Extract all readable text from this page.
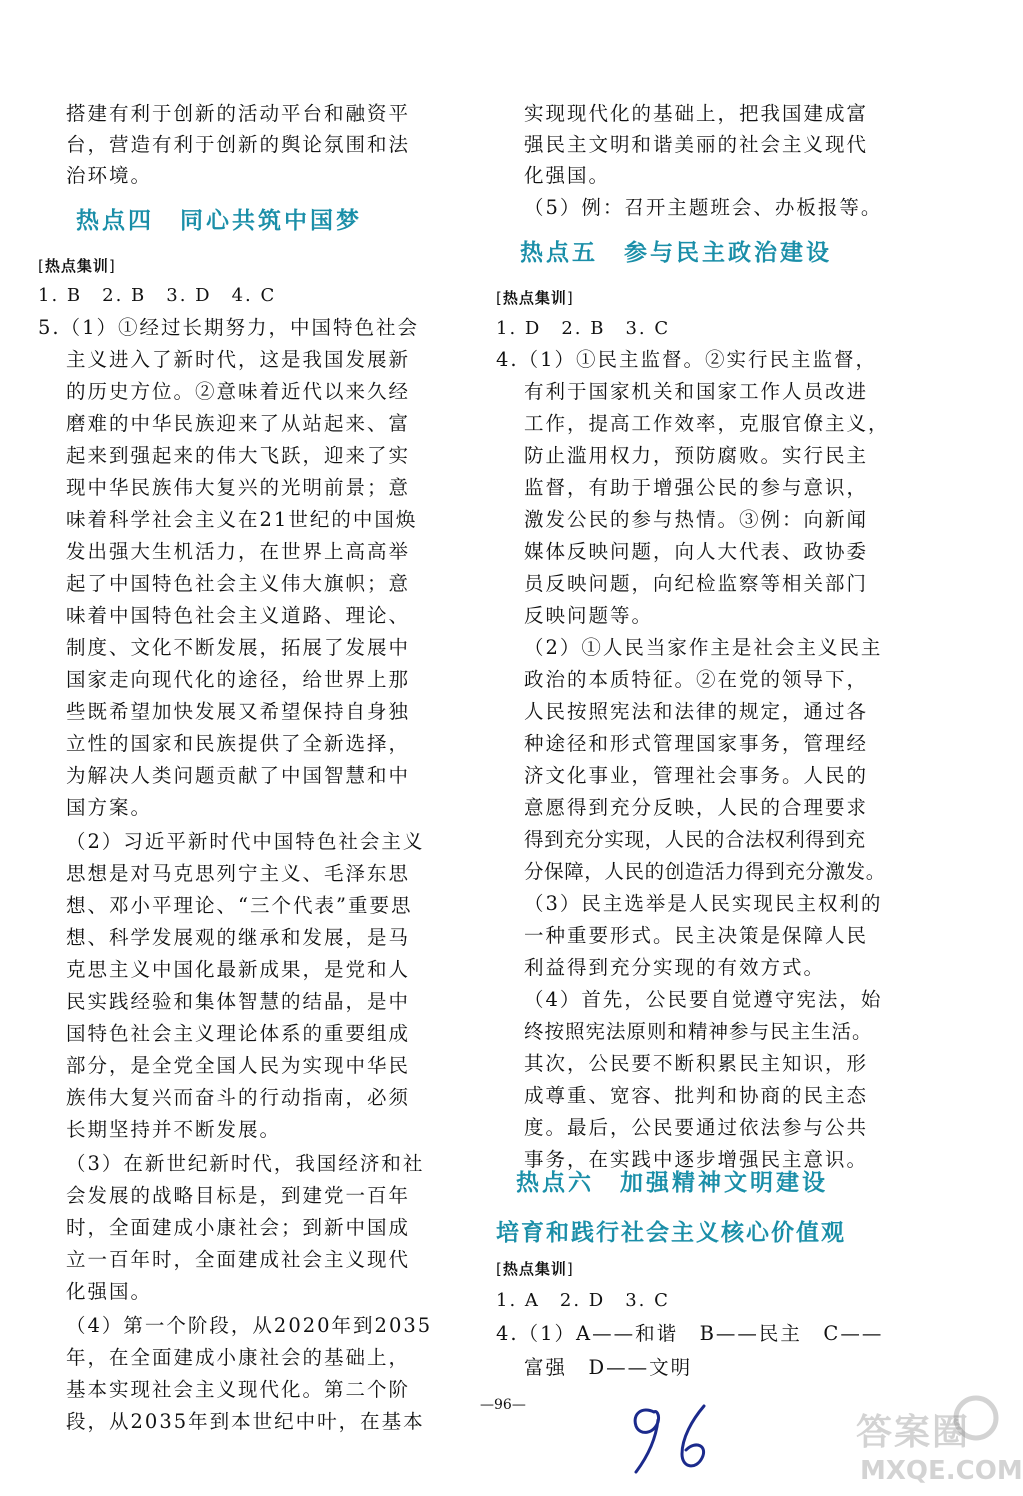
搭建有利于创新的活动平台和融资平
台，营造有利于创新的舆论氛围和法
治环境。
热点四　同心共筑中国梦
[热点集训]
1. B　2. B　3. D　4. C
5.（1）①经过长期努力，中国特色社会
主义进入了新时代，这是我国发展新
的历史方位。②意味着近代以来久经
磨难的中华民族迎来了从站起来、富
起来到强起来的伟大飞跃，迎来了实
现中华民族伟大复兴的光明前景；意
味着科学社会主义在21世纪的中国焕
发出强大生机活力，在世界上高高举
起了中国特色社会主义伟大旗帜；意
味着中国特色社会主义道路、理论、
制度、文化不断发展，拓展了发展中
国家走向现代化的途径，给世界上那
些既希望加快发展又希望保持自身独
立性的国家和民族提供了全新选择，
为解决人类问题贡献了中国智慧和中
国方案。
（2）习近平新时代中国特色社会主义
思想是对马克思列宁主义、毛泽东思
想、邓小平理论、“三个代表”重要思
想、科学发展观的继承和发展，是马
克思主义中国化最新成果，是党和人
民实践经验和集体智慧的结晶，是中
国特色社会主义理论体系的重要组成
部分，是全党全国人民为实现中华民
族伟大复兴而奋斗的行动指南，必须
长期坚持并不断发展。
（3）在新世纪新时代，我国经济和社
会发展的战略目标是，到建党一百年
时，全面建成小康社会；到新中国成
立一百年时，全面建成社会主义现代
化强国。
（4）第一个阶段，从2020年到2035
年，在全面建成小康社会的基础上，
基本实现社会主义现代化。第二个阶
段，从2035年到本世纪中叶，在基本
实现现代化的基础上，把我国建成富
强民主文明和谐美丽的社会主义现代
化强国。
（5）例：召开主题班会、办板报等。
热点五　参与民主政治建设
[热点集训]
1. D　2. B　3. C
4.（1）①民主监督。②实行民主监督，
有利于国家机关和国家工作人员改进
工作，提高工作效率，克服官僚主义，
防止滥用权力，预防腐败。实行民主
监督，有助于增强公民的参与意识，
激发公民的参与热情。③例：向新闻
媒体反映问题，向人大代表、政协委
员反映问题，向纪检监察等相关部门
反映问题等。
（2）①人民当家作主是社会主义民主
政治的本质特征。②在党的领导下，
人民按照宪法和法律的规定，通过各
种途径和形式管理国家事务，管理经
济文化事业，管理社会事务。人民的
意愿得到充分反映，人民的合理要求
得到充分实现，人民的合法权利得到充
分保障，人民的创造活力得到充分激发。
（3）民主选举是人民实现民主权利的
一种重要形式。民主决策是保障人民
利益得到充分实现的有效方式。
（4）首先，公民要自觉遵守宪法，始
终按照宪法原则和精神参与民主生活。
其次，公民要不断积累民主知识，形
成尊重、宽容、批判和协商的民主态
度。最后，公民要通过依法参与公共
事务，在实践中逐步增强民主意识。
热点六　加强精神文明建设
培育和践行社会主义核心价值观
[热点集训]
1. A　2. D　3. C
4.（1）A——和谐　B——民主　C——
富强　D——文明
—96—
答案圈
MXQE.COM
